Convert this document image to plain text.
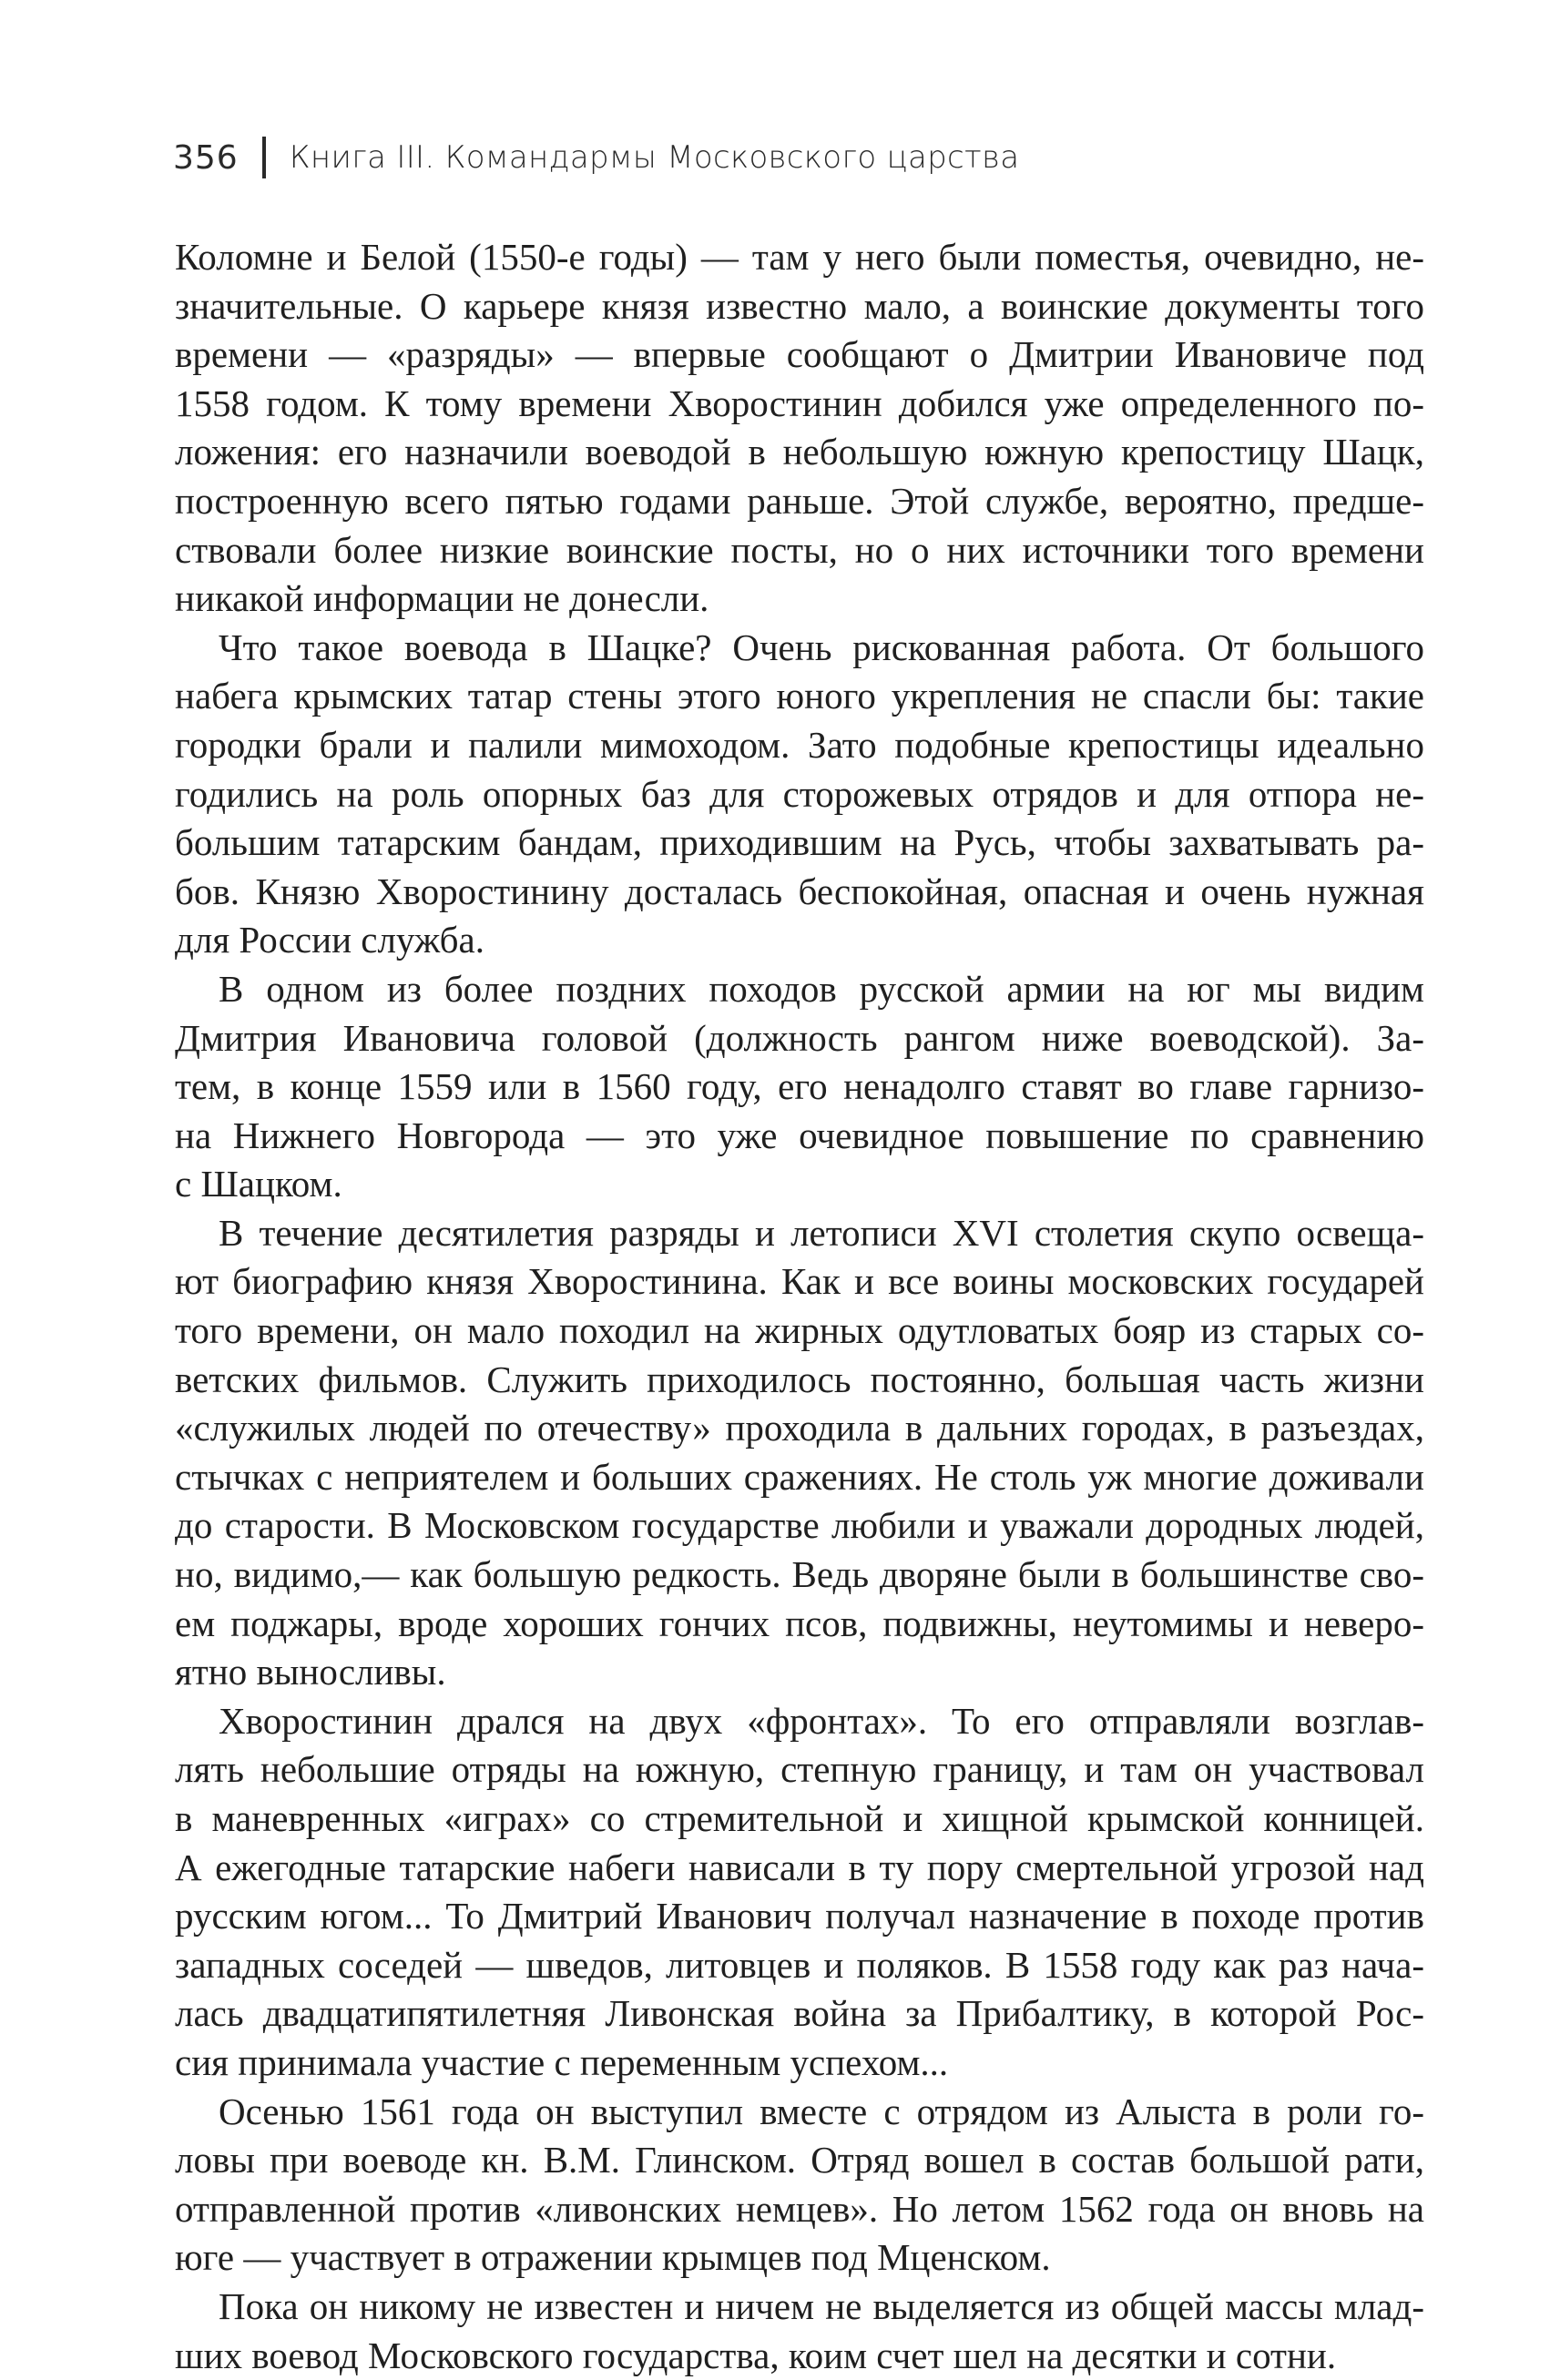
356 Книга III. Командармы Московского царства
Коломне и Белой (1550-е годы) — там у него были поместья, очевидно, не-
значительные. О карьере князя известно мало, а воинские документы того
времени — «разряды» — впервые сообщают о Дмитрии Ивановиче под
1558 годом. К тому времени Хворостинин добился уже определенного по-
ложения: его назначили воеводой в небольшую южную крепостицу Шацк,
построенную всего пятью годами раньше. Этой службе, вероятно, предше-
ствовали более низкие воинские посты, но о них источники того времени
никакой информации не донесли.
Что такое воевода в Шацке? Очень рискованная работа. От большого
набега крымских татар стены этого юного укрепления не спасли бы: такие
городки брали и палили мимоходом. Зато подобные крепостицы идеально
годились на роль опорных баз для сторожевых отрядов и для отпора не-
большим татарским бандам, приходившим на Русь, чтобы захватывать ра-
бов. Князю Хворостинину досталась беспокойная, опасная и очень нужная
для России служба.
В одном из более поздних походов русской армии на юг мы видим
Дмитрия Ивановича головой (должность рангом ниже воеводской). За-
тем, в конце 1559 или в 1560 году, его ненадолго ставят во главе гарнизо-
на Нижнего Новгорода — это уже очевидное повышение по сравнению
с Шацком.
В течение десятилетия разряды и летописи XVI столетия скупо освеща-
ют биографию князя Хворостинина. Как и все воины московских государей
того времени, он мало походил на жирных одутловатых бояр из старых со-
ветских фильмов. Служить приходилось постоянно, большая часть жизни
«служилых людей по отечеству» проходила в дальних городах, в разъездах,
стычках с неприятелем и больших сражениях. Не столь уж многие доживали
до старости. В Московском государстве любили и уважали дородных людей,
но, видимо,— как большую редкость. Ведь дворяне были в большинстве сво-
ем поджары, вроде хороших гончих псов, подвижны, неутомимы и неверо-
ятно выносливы.
Хворостинин дрался на двух «фронтах». То его отправляли возглав-
лять небольшие отряды на южную, степную границу, и там он участвовал
в маневренных «играх» со стремительной и хищной крымской конницей.
А ежегодные татарские набеги нависали в ту пору смертельной угрозой над
русским югом... То Дмитрий Иванович получал назначение в походе против
западных соседей — шведов, литовцев и поляков. В 1558 году как раз нача-
лась двадцатипятилетняя Ливонская война за Прибалтику, в которой Рос-
сия принимала участие с переменным успехом...
Осенью 1561 года он выступил вместе с отрядом из Алыста в роли го-
ловы при воеводе кн. В.М. Глинском. Отряд вошел в состав большой рати,
отправленной против «ливонских немцев». Но летом 1562 года он вновь на
юге — участвует в отражении крымцев под Мценском.
Пока он никому не известен и ничем не выделяется из общей массы млад-
ших воевод Московского государства, коим счет шел на десятки и сотни.
